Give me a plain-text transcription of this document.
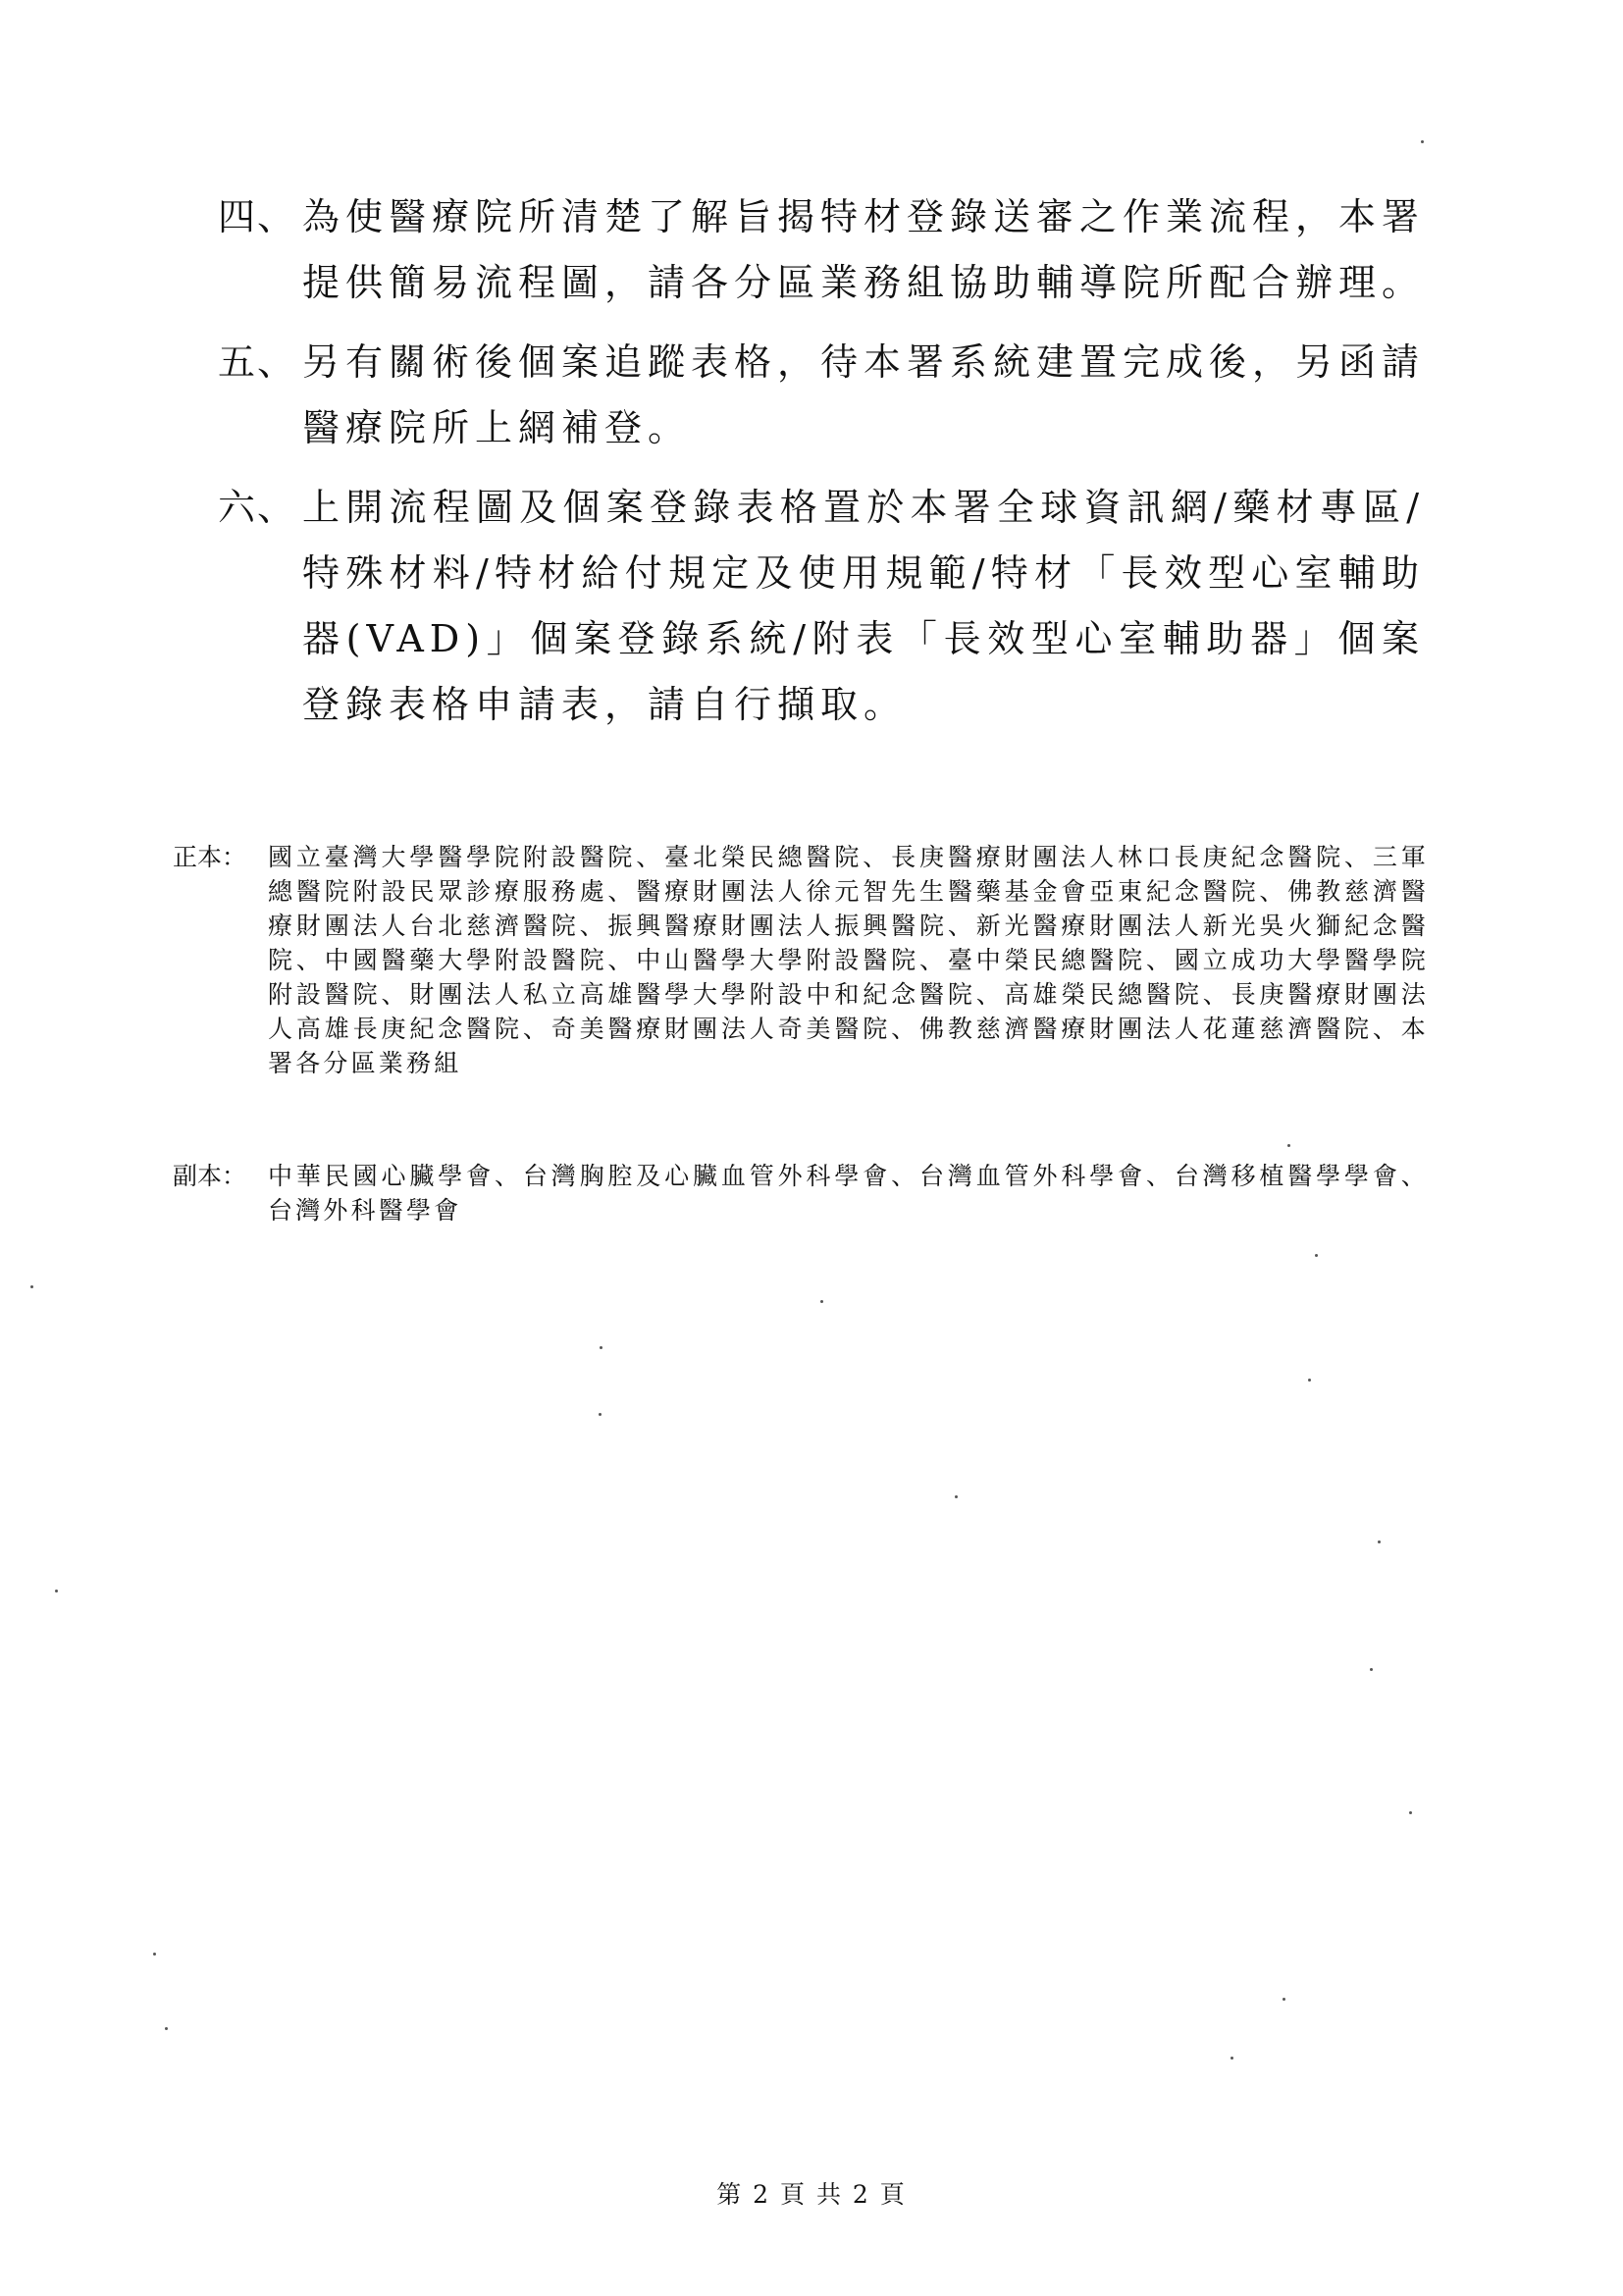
四、 為使醫療院所清楚了解旨揭特材登錄送審之作業流程，本署提供簡易流程圖，請各分區業務組協助輔導院所配合辦理。
五、 另有關術後個案追蹤表格，待本署系統建置完成後，另函請醫療院所上網補登。
六、 上開流程圖及個案登錄表格置於本署全球資訊網/藥材專區/特殊材料/特材給付規定及使用規範/特材「長效型心室輔助器(VAD)」個案登錄系統/附表「長效型心室輔助器」個案登錄表格申請表，請自行擷取。
正本： 國立臺灣大學醫學院附設醫院、臺北榮民總醫院、長庚醫療財團法人林口長庚紀念醫院、三軍總醫院附設民眾診療服務處、醫療財團法人徐元智先生醫藥基金會亞東紀念醫院、佛教慈濟醫療財團法人台北慈濟醫院、振興醫療財團法人振興醫院、新光醫療財團法人新光吳火獅紀念醫院、中國醫藥大學附設醫院、中山醫學大學附設醫院、臺中榮民總醫院、國立成功大學醫學院附設醫院、財團法人私立高雄醫學大學附設中和紀念醫院、高雄榮民總醫院、長庚醫療財團法人高雄長庚紀念醫院、奇美醫療財團法人奇美醫院、佛教慈濟醫療財團法人花蓮慈濟醫院、本署各分區業務組
副本： 中華民國心臟學會、台灣胸腔及心臟血管外科學會、台灣血管外科學會、台灣移植醫學學會、台灣外科醫學會
第 2 頁 共 2 頁
